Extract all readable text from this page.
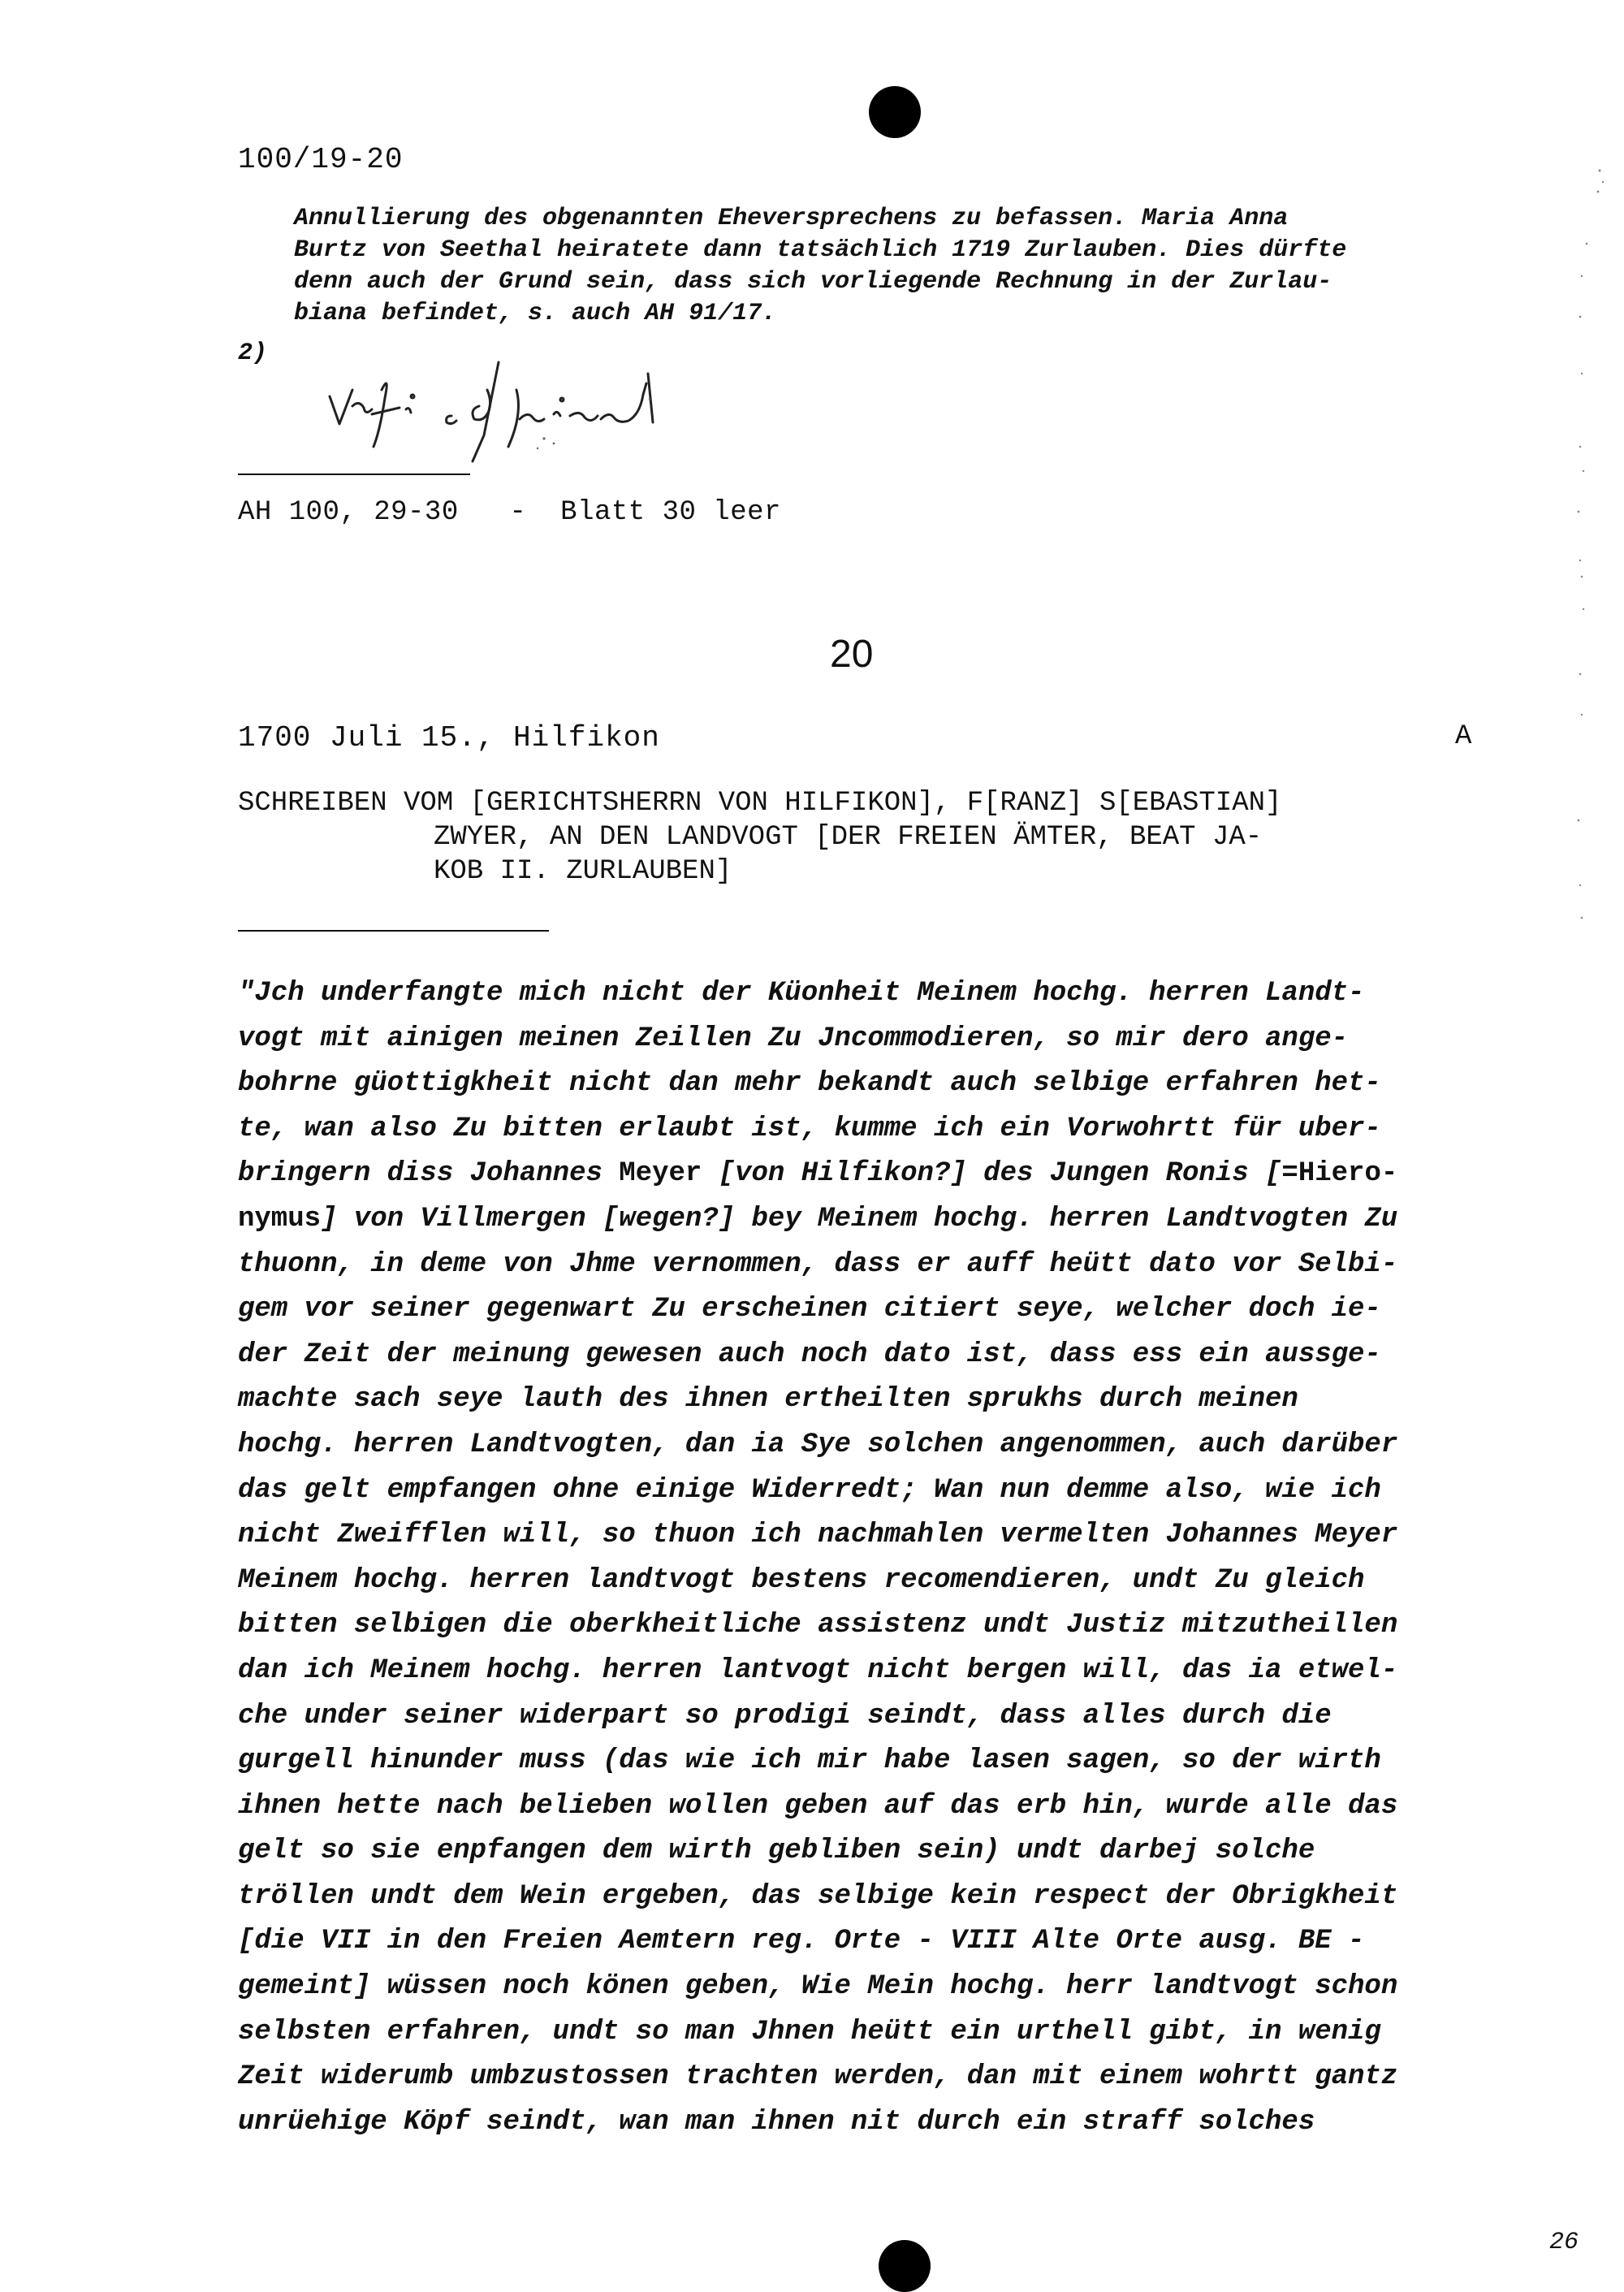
100/19-20
Annullierung des obgenannten Eheversprechens zu befassen. Maria Anna
Burtz von Seethal heiratete dann tatsächlich 1719 Zurlauben. Dies dürfte
denn auch der Grund sein, dass sich vorliegende Rechnung in der Zurlau-
biana befindet, s. auch AH 91/17.
2)
AH 100, 29-30   -  Blatt 30 leer
20
1700 Juli 15., Hilfikon	A
SCHREIBEN VOM [GERICHTSHERRN VON HILFIKON], F[RANZ] S[EBASTIAN]
ZWYER, AN DEN LANDVOGT [DER FREIEN ÄMTER, BEAT JA-
KOB II. ZURLAUBEN]
"Jch underfangte mich nicht der Küonheit Meinem hochg. herren Landt-
vogt mit ainigen meinen Zeillen Zu Jncommodieren, so mir dero ange-
bohrne güottigkheit nicht dan mehr bekandt auch selbige erfahren het-
te, wan also Zu bitten erlaubt ist, kumme ich ein Vorwohrtt für uber-
bringern diss Johannes Meyer [von Hilfikon?] des Jungen Ronis [=Hiero-
nymus] von Villmergen [wegen?] bey Meinem hochg. herren Landtvogten Zu
thuonn, in deme von Jhme vernommen, dass er auff heütt dato vor Selbi-
gem vor seiner gegenwart Zu erscheinen citiert seye, welcher doch ie-
der Zeit der meinung gewesen auch noch dato ist, dass ess ein aussge-
machte sach seye lauth des ihnen ertheilten sprukhs durch meinen
hochg. herren Landtvogten, dan ia Sye solchen angenommen, auch darüber
das gelt empfangen ohne einige Widerredt; Wan nun demme also, wie ich
nicht Zweifflen will, so thuon ich nachmahlen vermelten Johannes Meyer
Meinem hochg. herren landtvogt bestens recomendieren, undt Zu gleich
bitten selbigen die oberkheitliche assistenz undt Justiz mitzutheillen
dan ich Meinem hochg. herren lantvogt nicht bergen will, das ia etwel-
che under seiner widerpart so prodigi seindt, dass alles durch die
gurgell hinunder muss (das wie ich mir habe lasen sagen, so der wirth
ihnen hette nach belieben wollen geben auf das erb hin, wurde alle das
gelt so sie enpfangen dem wirth gebliben sein) undt darbej solche
tröllen undt dem Wein ergeben, das selbige kein respect der Obrigkheit
[die VII in den Freien Aemtern reg. Orte - VIII Alte Orte ausg. BE -
gemeint] wüssen noch könen geben, Wie Mein hochg. herr landtvogt schon
selbsten erfahren, undt so man Jhnen heütt ein urthell gibt, in wenig
Zeit widerumb umbzustossen trachten werden, dan mit einem wohrtt gantz
unrüehige Köpf seindt, wan man ihnen nit durch ein straff solches
26
